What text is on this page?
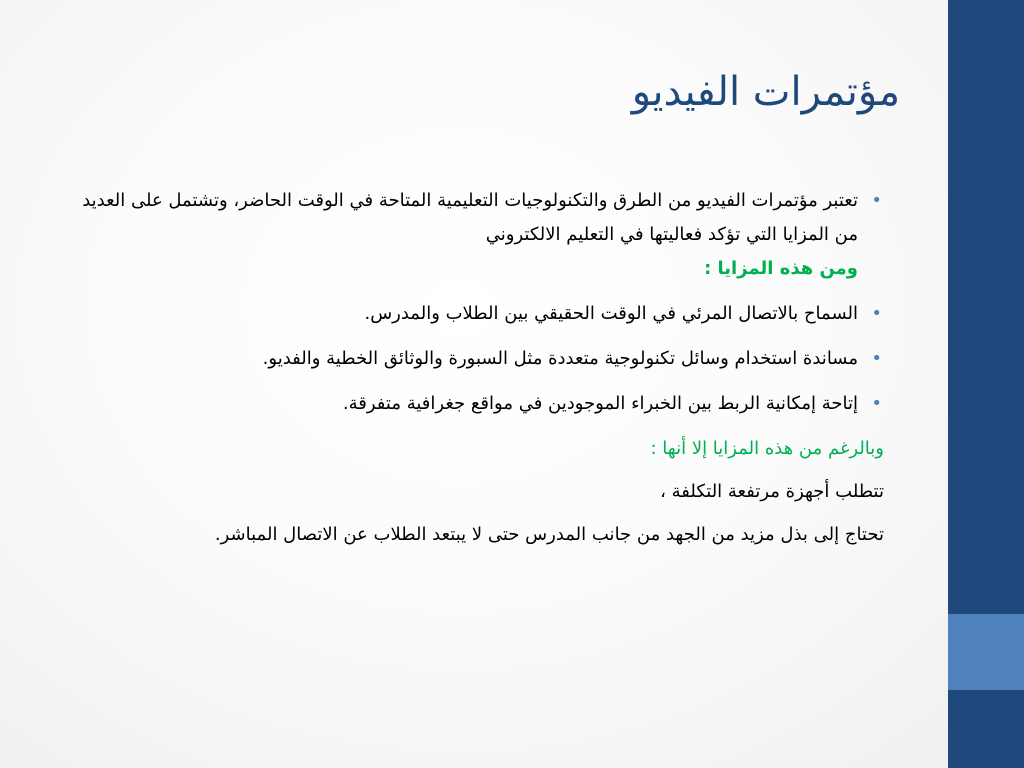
مؤتمرات الفيديو
•
تعتبر مؤتمرات الفيديو من الطرق والتكنولوجيات التعليمية المتاحة في الوقت الحاضر، وتشتمل على العديد من المزايا التي تؤكد فعاليتها في التعليم الالكتروني
ومن هذه المزايا :
•
السماح بالاتصال المرئي في الوقت الحقيقي بين الطلاب والمدرس.
•
مساندة استخدام وسائل تكنولوجية متعددة مثل السبورة والوثائق الخطية والفديو.
•
إتاحة إمكانية الربط بين الخبراء الموجودين في مواقع جغرافية متفرقة.

وبالرغم من هذه المزايا إلا أنها :

تتطلب أجهزة مرتفعة التكلفة ،

تحتاج إلى بذل مزيد من الجهد من جانب المدرس حتى لا يبتعد الطلاب عن الاتصال المباشر.
